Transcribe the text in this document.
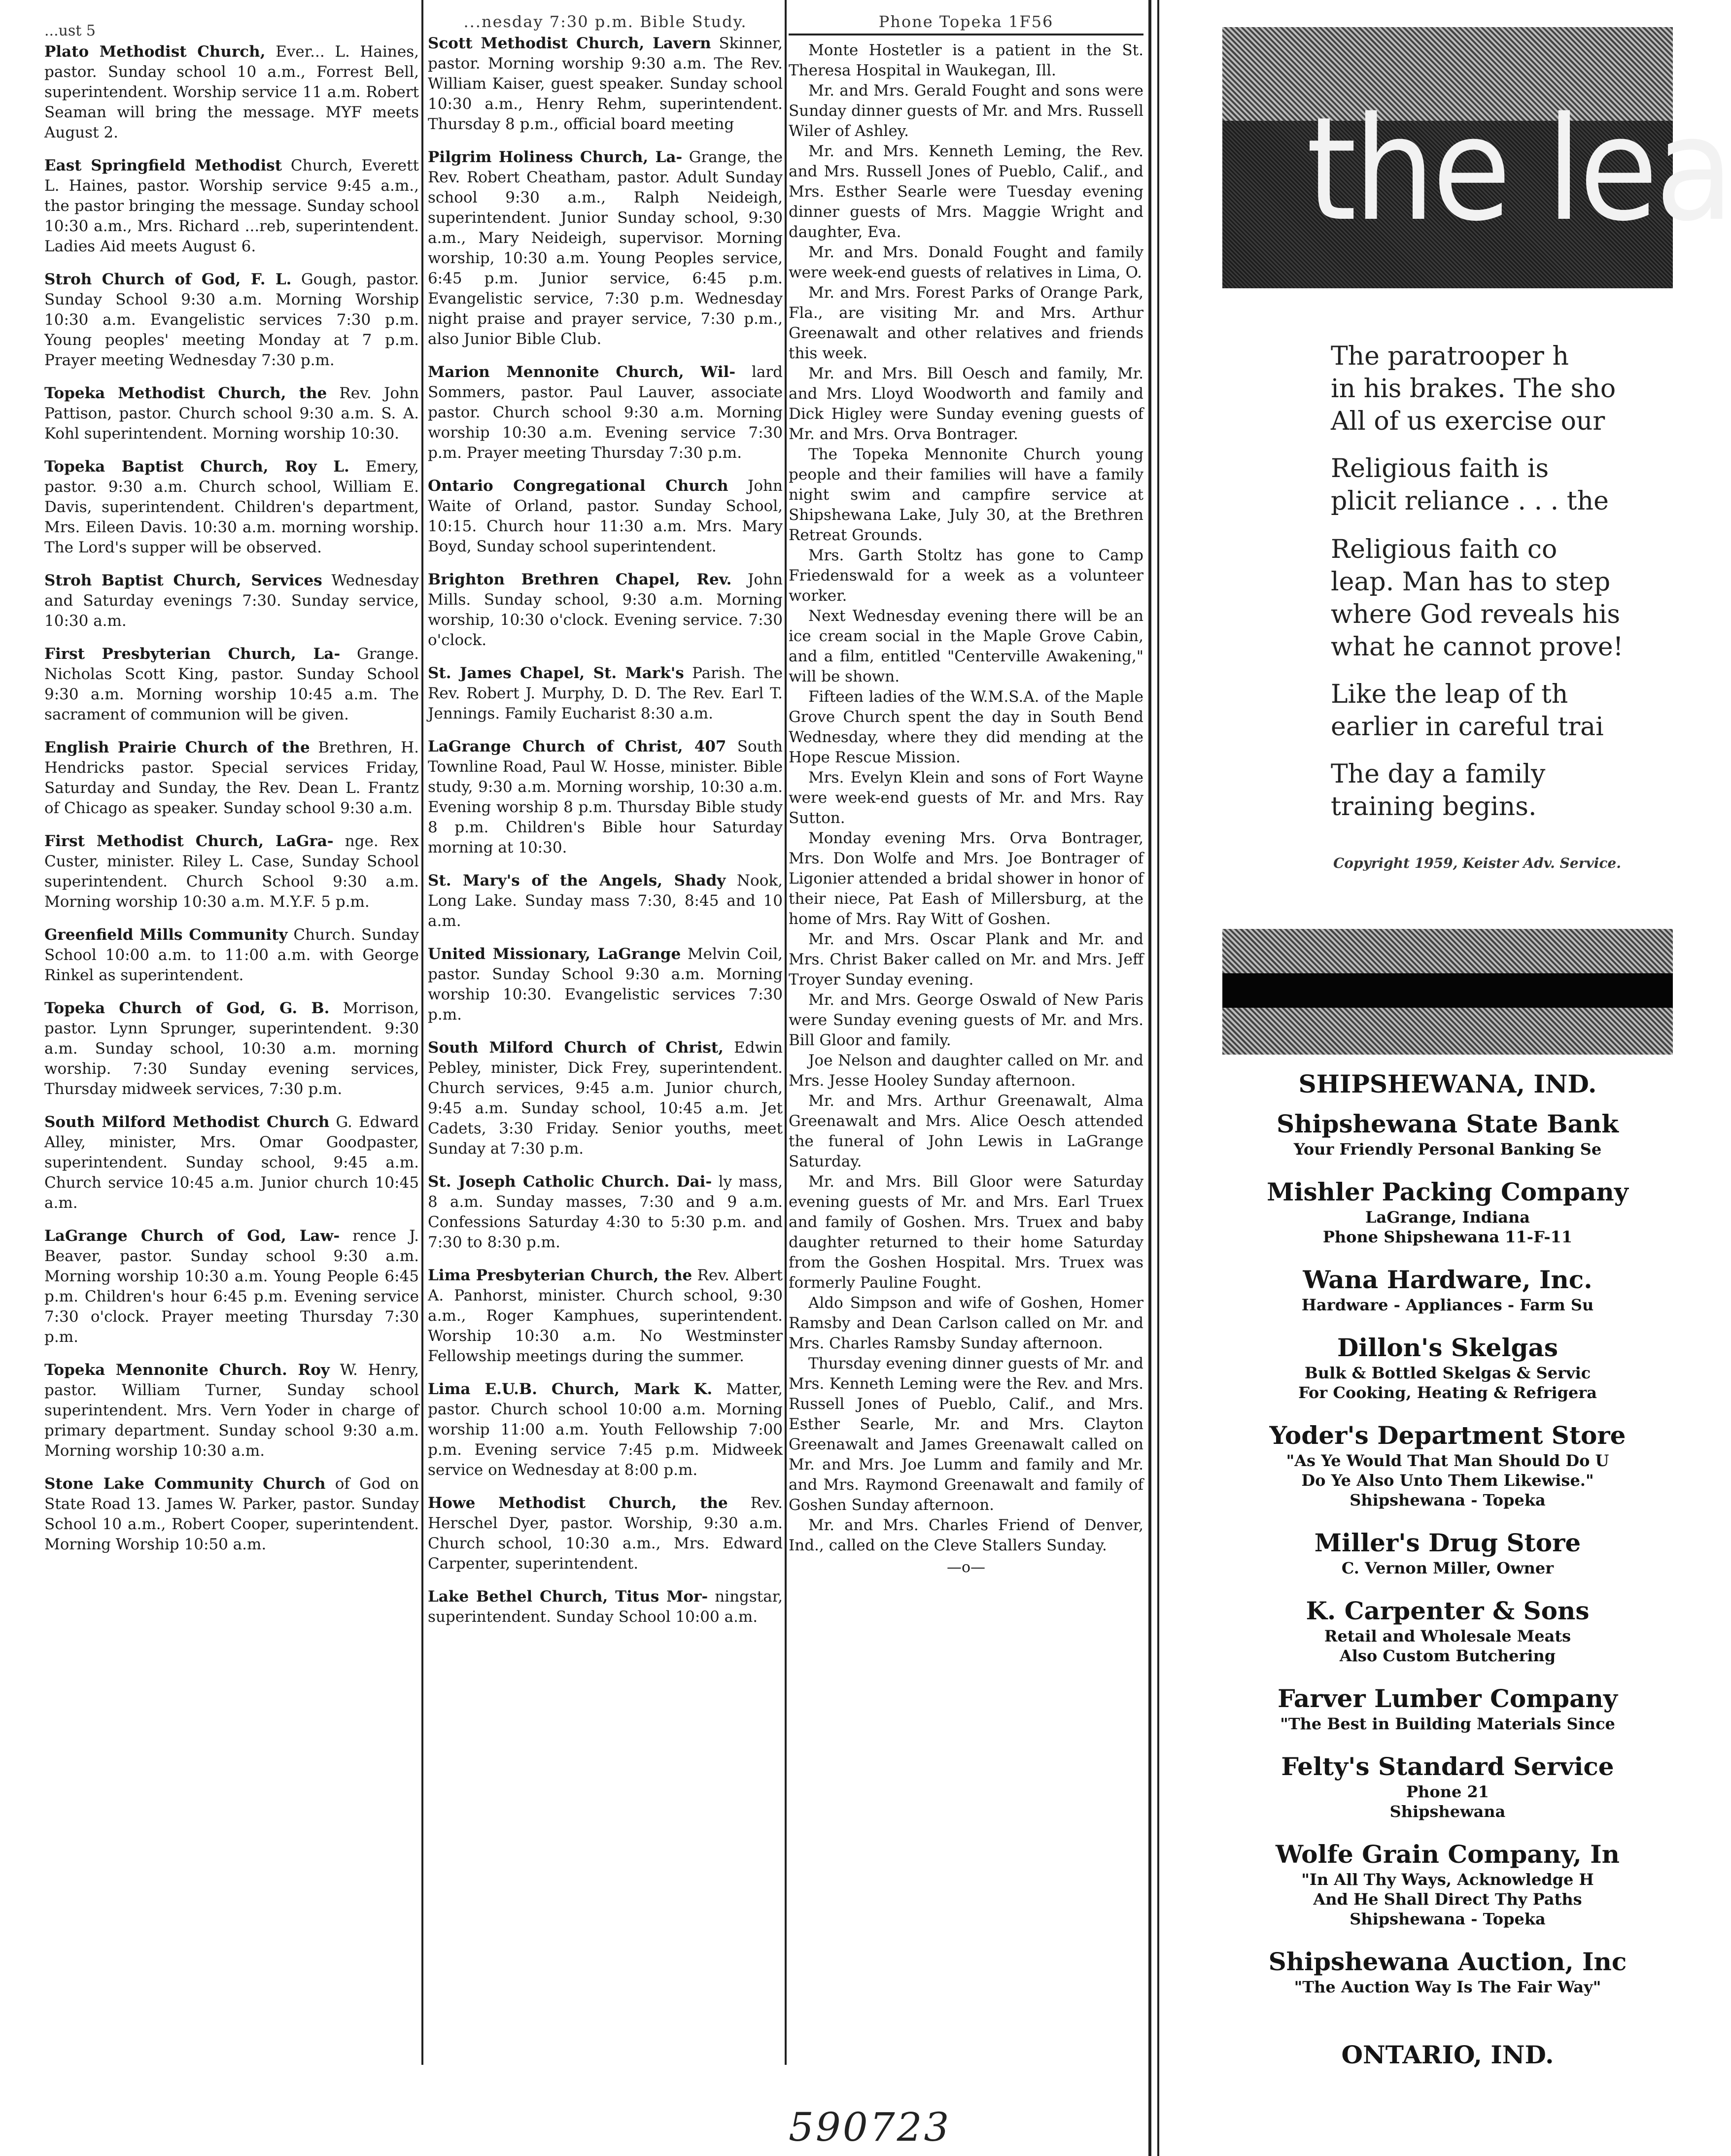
...ust 5

Plato Methodist Church, Ever... L. Haines, pastor. Sunday school 10 a.m., Forrest Bell, superintendent. Worship service 11 a.m. Robert Seaman will bring the message. MYF meets August 2.

East Springfield Methodist Church, Everett L. Haines, pastor. Worship service 9:45 a.m., the pastor bringing the message. Sunday school 10:30 a.m., Mrs. Richard ...reb, superintendent. Ladies Aid meets August 6.

Stroh Church of God, F. L. Gough, pastor. Sunday School 9:30 a.m. Morning Worship 10:30 a.m. Evangelistic services 7:30 p.m. Young peoples' meeting Monday at 7 p.m. Prayer meeting Wednesday 7:30 p.m.

Topeka Methodist Church, the Rev. John Pattison, pastor. Church school 9:30 a.m. S. A. Kohl superintendent. Morning worship 10:30.

Topeka Baptist Church, Roy L. Emery, pastor. 9:30 a.m. Church school, William E. Davis, superintendent. Children's department, Mrs. Eileen Davis. 10:30 a.m. morning worship. The Lord's supper will be observed.

Stroh Baptist Church, Services Wednesday and Saturday evenings 7:30. Sunday service, 10:30 a.m.

First Presbyterian Church, La- Grange. Nicholas Scott King, pastor. Sunday School 9:30 a.m. Morning worship 10:45 a.m. The sacrament of communion will be given.

English Prairie Church of the Brethren, H. Hendricks pastor. Special services Friday, Saturday and Sunday, the Rev. Dean L. Frantz of Chicago as speaker. Sunday school 9:30 a.m.

First Methodist Church, LaGra- nge. Rex Custer, minister. Riley L. Case, Sunday School superintendent. Church School 9:30 a.m. Morning worship 10:30 a.m. M.Y.F. 5 p.m.

Greenfield Mills Community Church. Sunday School 10:00 a.m. to 11:00 a.m. with George Rinkel as superintendent.

Topeka Church of God, G. B. Morrison, pastor. Lynn Sprunger, superintendent. 9:30 a.m. Sunday school, 10:30 a.m. morning worship. 7:30 Sunday evening services, Thursday midweek services, 7:30 p.m.

South Milford Methodist Church G. Edward Alley, minister, Mrs. Omar Goodpaster, superintendent. Sunday school, 9:45 a.m. Church service 10:45 a.m. Junior church 10:45 a.m.

LaGrange Church of God, Law- rence J. Beaver, pastor. Sunday school 9:30 a.m. Morning worship 10:30 a.m. Young People 6:45 p.m. Children's hour 6:45 p.m. Evening service 7:30 o'clock. Prayer meeting Thursday 7:30 p.m.

Topeka Mennonite Church. Roy W. Henry, pastor. William Turner, Sunday school superintendent. Mrs. Vern Yoder in charge of primary department. Sunday school 9:30 a.m. Morning worship 10:30 a.m.

Stone Lake Community Church of God on State Road 13. James W. Parker, pastor. Sunday School 10 a.m., Robert Cooper, superintendent. Morning Worship 10:50 a.m.

...nesday 7:30 p.m. Bible Study.

Scott Methodist Church, Lavern Skinner, pastor. Morning worship 9:30 a.m. The Rev. William Kaiser, guest speaker. Sunday school 10:30 a.m., Henry Rehm, superintendent. Thursday 8 p.m., official board meeting

Pilgrim Holiness Church, La- Grange, the Rev. Robert Cheatham, pastor. Adult Sunday school 9:30 a.m., Ralph Neideigh, superintendent. Junior Sunday school, 9:30 a.m., Mary Neideigh, supervisor. Morning worship, 10:30 a.m. Young Peoples service, 6:45 p.m. Junior service, 6:45 p.m. Evangelistic service, 7:30 p.m. Wednesday night praise and prayer service, 7:30 p.m., also Junior Bible Club.

Marion Mennonite Church, Wil- lard Sommers, pastor. Paul Lauver, associate pastor. Church school 9:30 a.m. Morning worship 10:30 a.m. Evening service 7:30 p.m. Prayer meeting Thursday 7:30 p.m.

Ontario Congregational Church John Waite of Orland, pastor. Sunday School, 10:15. Church hour 11:30 a.m. Mrs. Mary Boyd, Sunday school superintendent.

Brighton Brethren Chapel, Rev. John Mills. Sunday school, 9:30 a.m. Morning worship, 10:30 o'clock. Evening service. 7:30 o'clock.

St. James Chapel, St. Mark's Parish. The Rev. Robert J. Murphy, D. D. The Rev. Earl T. Jennings. Family Eucharist 8:30 a.m.

LaGrange Church of Christ, 407 South Townline Road, Paul W. Hosse, minister. Bible study, 9:30 a.m. Morning worship, 10:30 a.m. Evening worship 8 p.m. Thursday Bible study 8 p.m. Children's Bible hour Saturday morning at 10:30.

St. Mary's of the Angels, Shady Nook, Long Lake. Sunday mass 7:30, 8:45 and 10 a.m.

United Missionary, LaGrange Melvin Coil, pastor. Sunday School 9:30 a.m. Morning worship 10:30. Evangelistic services 7:30 p.m.

South Milford Church of Christ, Edwin Pebley, minister, Dick Frey, superintendent. Church services, 9:45 a.m. Junior church, 9:45 a.m. Sunday school, 10:45 a.m. Jet Cadets, 3:30 Friday. Senior youths, meet Sunday at 7:30 p.m.

St. Joseph Catholic Church. Dai- ly mass, 8 a.m. Sunday masses, 7:30 and 9 a.m. Confessions Saturday 4:30 to 5:30 p.m. and 7:30 to 8:30 p.m.

Lima Presbyterian Church, the Rev. Albert A. Panhorst, minister. Church school, 9:30 a.m., Roger Kamphues, superintendent. Worship 10:30 a.m. No Westminster Fellowship meetings during the summer.

Lima E.U.B. Church, Mark K. Matter, pastor. Church school 10:00 a.m. Morning worship 11:00 a.m. Youth Fellowship 7:00 p.m. Evening service 7:45 p.m. Midweek service on Wednesday at 8:00 p.m.

Howe Methodist Church, the Rev. Herschel Dyer, pastor. Worship, 9:30 a.m. Church school, 10:30 a.m., Mrs. Edward Carpenter, superintendent.

Lake Bethel Church, Titus Mor- ningstar, superintendent. Sunday School 10:00 a.m.

Phone Topeka 1F56

Monte Hostetler is a patient in the St. Theresa Hospital in Waukegan, Ill.

Mr. and Mrs. Gerald Fought and sons were Sunday dinner guests of Mr. and Mrs. Russell Wiler of Ashley.

Mr. and Mrs. Kenneth Leming, the Rev. and Mrs. Russell Jones of Pueblo, Calif., and Mrs. Esther Searle were Tuesday evening dinner guests of Mrs. Maggie Wright and daughter, Eva.

Mr. and Mrs. Donald Fought and family were week-end guests of relatives in Lima, O.

Mr. and Mrs. Forest Parks of Orange Park, Fla., are visiting Mr. and Mrs. Arthur Greenawalt and other relatives and friends this week.

Mr. and Mrs. Bill Oesch and family, Mr. and Mrs. Lloyd Woodworth and family and Dick Higley were Sunday evening guests of Mr. and Mrs. Orva Bontrager.

The Topeka Mennonite Church young people and their families will have a family night swim and campfire service at Shipshewana Lake, July 30, at the Brethren Retreat Grounds.

Mrs. Garth Stoltz has gone to Camp Friedenswald for a week as a volunteer worker.

Next Wednesday evening there will be an ice cream social in the Maple Grove Cabin, and a film, entitled "Centerville Awakening," will be shown.

Fifteen ladies of the W.M.S.A. of the Maple Grove Church spent the day in South Bend Wednesday, where they did mending at the Hope Rescue Mission.

Mrs. Evelyn Klein and sons of Fort Wayne were week-end guests of Mr. and Mrs. Ray Sutton.

Monday evening Mrs. Orva Bontrager, Mrs. Don Wolfe and Mrs. Joe Bontrager of Ligonier attended a bridal shower in honor of their niece, Pat Eash of Millersburg, at the home of Mrs. Ray Witt of Goshen.

Mr. and Mrs. Oscar Plank and Mr. and Mrs. Christ Baker called on Mr. and Mrs. Jeff Troyer Sunday evening.

Mr. and Mrs. George Oswald of New Paris were Sunday evening guests of Mr. and Mrs. Bill Gloor and family.

Joe Nelson and daughter called on Mr. and Mrs. Jesse Hooley Sunday afternoon.

Mr. and Mrs. Arthur Greenawalt, Alma Greenawalt and Mrs. Alice Oesch attended the funeral of John Lewis in LaGrange Saturday.

Mr. and Mrs. Bill Gloor were Saturday evening guests of Mr. and Mrs. Earl Truex and family of Goshen. Mrs. Truex and baby daughter returned to their home Saturday from the Goshen Hospital. Mrs. Truex was formerly Pauline Fought.

Aldo Simpson and wife of Goshen, Homer Ramsby and Dean Carlson called on Mr. and Mrs. Charles Ramsby Sunday afternoon.

Thursday evening dinner guests of Mr. and Mrs. Kenneth Leming were the Rev. and Mrs. Russell Jones of Pueblo, Calif., and Mrs. Esther Searle, Mr. and Mrs. Clayton Greenawalt and James Greenawalt called on Mr. and Mrs. Joe Lumm and family and Mr. and Mrs. Raymond Greenawalt and family of Goshen Sunday afternoon.

Mr. and Mrs. Charles Friend of Denver, Ind., called on the Cleve Stallers Sunday.

—o—
the lea
The paratrooper h
in his brakes. The sho
All of us exercise our
Religious faith is
plicit reliance . . . the
Religious faith co
leap. Man has to step
where God reveals his
what he cannot prove!
Like the leap of th
earlier in careful trai
The day a family
training begins.
Copyright 1959, Keister Adv. Service.
SHIPSHEWANA, IND.
Shipshewana State Bank
Your Friendly Personal Banking Se
Mishler Packing Company
LaGrange, Indiana
Phone Shipshewana 11-F-11
Wana Hardware, Inc.
Hardware - Appliances - Farm Su
Dillon's Skelgas
Bulk & Bottled Skelgas & Servic
For Cooking, Heating & Refrigera
Yoder's Department Store
"As Ye Would That Man Should Do U
Do Ye Also Unto Them Likewise."
Shipshewana - Topeka
Miller's Drug Store
C. Vernon Miller, Owner
K. Carpenter & Sons
Retail and Wholesale Meats
Also Custom Butchering
Farver Lumber Company
"The Best in Building Materials Since
Felty's Standard Service
Phone 21
Shipshewana
Wolfe Grain Company, In
"In All Thy Ways, Acknowledge H
And He Shall Direct Thy Paths
Shipshewana - Topeka
Shipshewana Auction, Inc
"The Auction Way Is The Fair Way"
ONTARIO, IND.
590723
